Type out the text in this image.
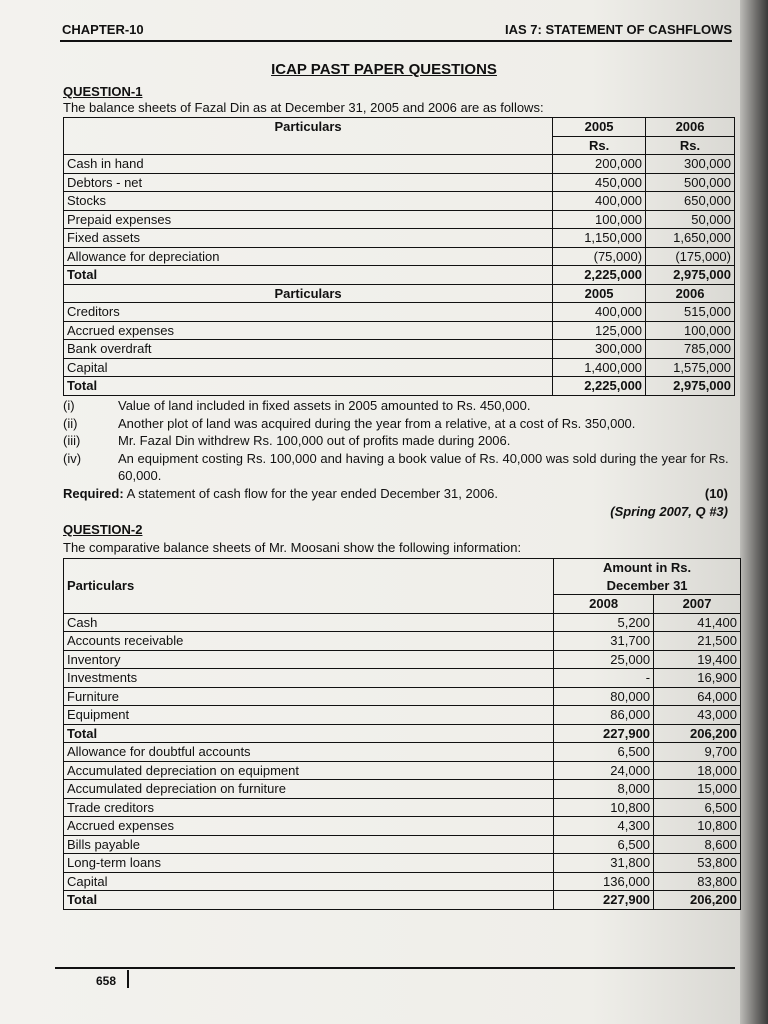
CHAPTER-10	IAS 7: STATEMENT OF CASHFLOWS
ICAP PAST PAPER QUESTIONS
QUESTION-1
The balance sheets of Fazal Din as at December 31, 2005 and 2006 are as follows:
Particulars	2005	2006
	Rs.	Rs.
Cash in hand	200,000	300,000
Debtors - net	450,000	500,000
Stocks	400,000	650,000
Prepaid expenses	100,000	50,000
Fixed assets	1,150,000	1,650,000
Allowance for depreciation	(75,000)	(175,000)
Total	2,225,000	2,975,000
Particulars	2005	2006
Creditors	400,000	515,000
Accrued expenses	125,000	100,000
Bank overdraft	300,000	785,000
Capital	1,400,000	1,575,000
Total	2,225,000	2,975,000
(i)	Value of land included in fixed assets in 2005 amounted to Rs. 450,000.
(ii)	Another plot of land was acquired during the year from a relative, at a cost of Rs. 350,000.
(iii)	Mr. Fazal Din withdrew Rs. 100,000 out of profits made during 2006.
(iv)	An equipment costing Rs. 100,000 and having a book value of Rs. 40,000 was sold during the year for Rs. 60,000.
Required: A statement of cash flow for the year ended December 31, 2006.	(10)
(Spring 2007, Q #3)
QUESTION-2
The comparative balance sheets of Mr. Moosani show the following information:
Particulars	Amount in Rs.	
	December 31	
	2008	2007
Cash	5,200	41,400
Accounts receivable	31,700	21,500
Inventory	25,000	19,400
Investments	-	16,900
Furniture	80,000	64,000
Equipment	86,000	43,000
Total	227,900	206,200
Allowance for doubtful accounts	6,500	9,700
Accumulated depreciation on equipment	24,000	18,000
Accumulated depreciation on furniture	8,000	15,000
Trade creditors	10,800	6,500
Accrued expenses	4,300	10,800
Bills payable	6,500	8,600
Long-term loans	31,800	53,800
Capital	136,000	83,800
Total	227,900	206,200
658
